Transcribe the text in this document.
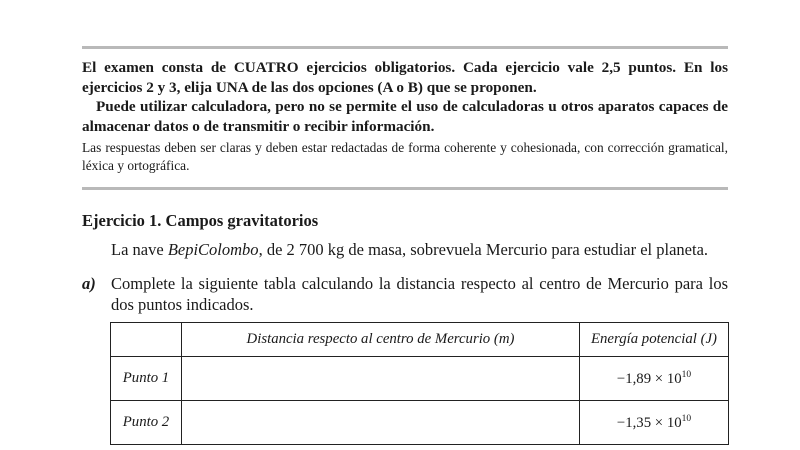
El examen consta de CUATRO ejercicios obligatorios. Cada ejercicio vale 2,5 puntos. En los ejercicios 2 y 3, elija UNA de las dos opciones (A o B) que se proponen.

Puede utilizar calculadora, pero no se permite el uso de calculadoras u otros aparatos capaces de almacenar datos o de transmitir o recibir información.

Las respuestas deben ser claras y deben estar redactadas de forma coherente y cohesionada, con corrección gramatical, léxica y ortográfica.

Ejercicio 1. Campos gravitatorios

La nave BepiColombo, de 2 700 kg de masa, sobrevuela Mercurio para estudiar el planeta.

a) Complete la siguiente tabla calculando la distancia respecto al centro de Mercurio para los dos puntos indicados.
	Distancia respecto al centro de Mercurio (m)	Energía potencial (J)
Punto 1		$-1,89 \times 10^{10}$
Punto 2		$-1,35 \times 10^{10}$
